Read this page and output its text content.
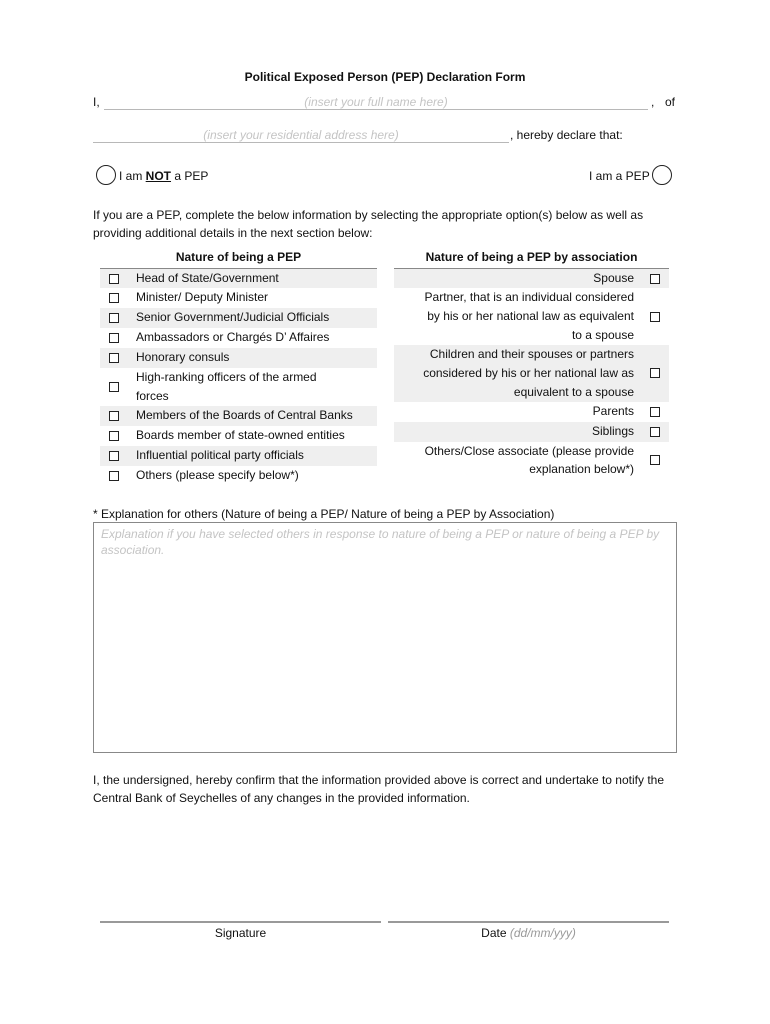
Political Exposed Person (PEP) Declaration Form
I,	(insert your full name here)	, of
(insert your residential address here)	, hereby declare that:
I am NOT a PEP	I am a PEP
If you are a PEP, complete the below information by selecting the appropriate option(s) below as well as providing additional details in the next section below:
Nature of being a PEP
Head of State/Government
Minister/ Deputy Minister
Senior Government/Judicial Officials
Ambassadors or Chargés D’ Affaires
Honorary consuls
High-ranking officers of the armed
forces
Members of the Boards of Central Banks
Boards member of state-owned entities
Influential political party officials
Others (please specify below*)
Nature of being a PEP by association
Spouse
Partner, that is an individual considered
by his or her national law as equivalent
to a spouse
Children and their spouses or partners
considered by his or her national law as
equivalent to a spouse
Parents
Siblings
Others/Close associate (please provide
explanation below*)
* Explanation for others (Nature of being a PEP/ Nature of being a PEP by Association)
Explanation if you have selected others in response to nature of being a PEP or nature of being a PEP by association.
I, the undersigned, hereby confirm that the information provided above is correct and undertake to notify the Central Bank of Seychelles of any changes in the provided information.
Signature	Date (dd/mm/yyy)
